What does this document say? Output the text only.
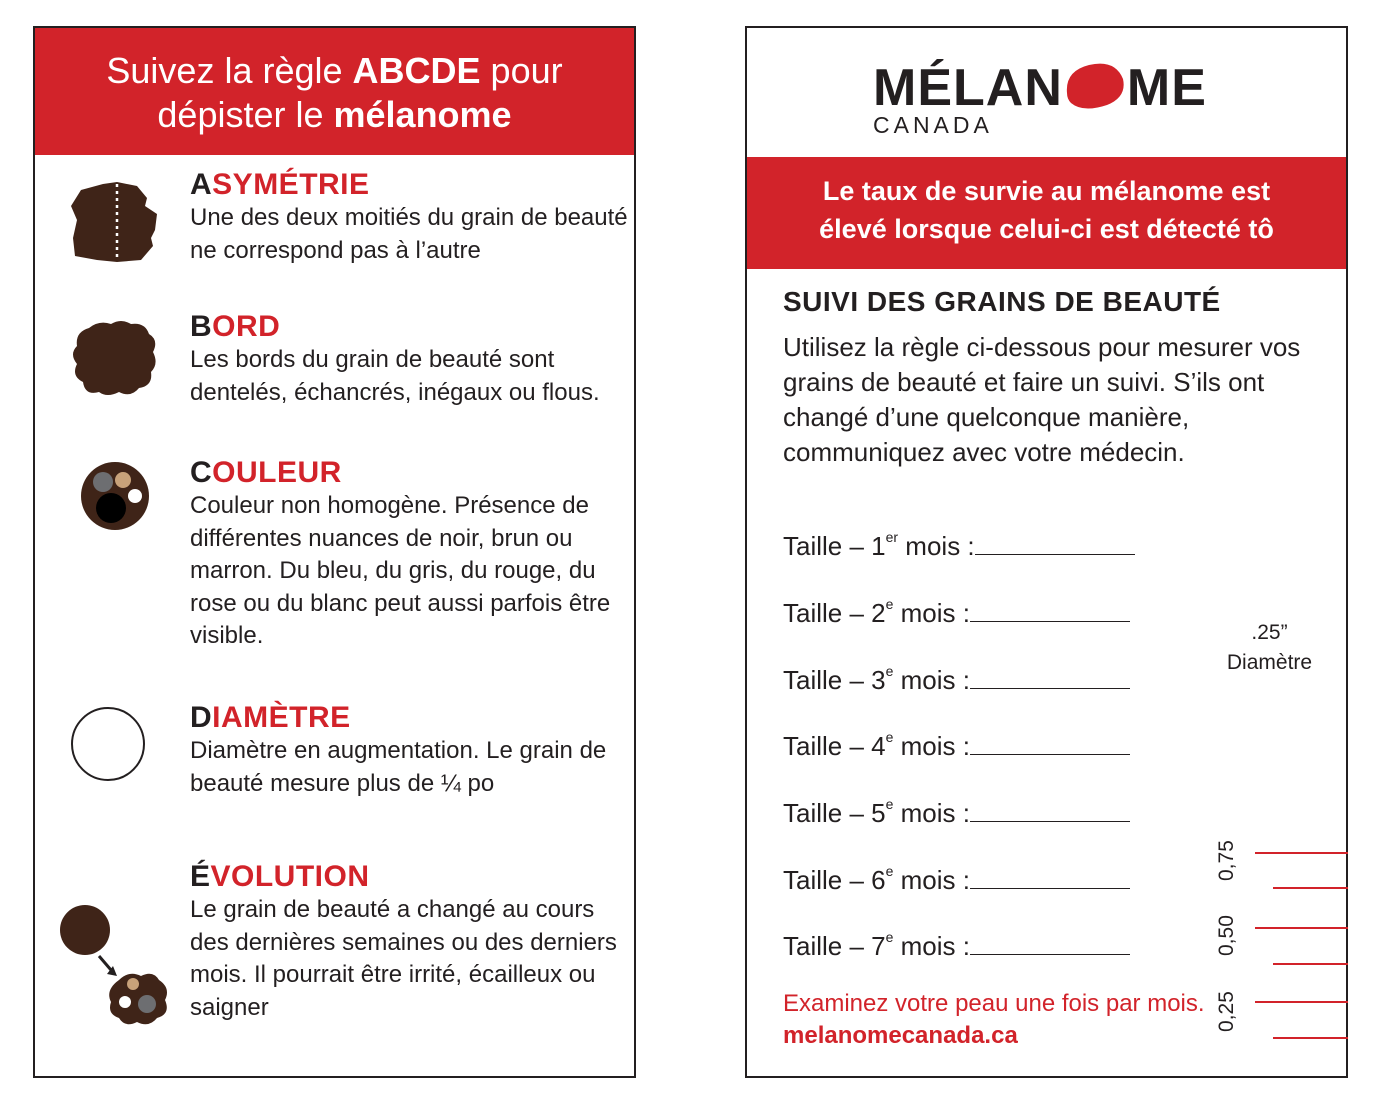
Suivez la règle ABCDE pour
dépister le mélanome
ASYMÉTRIE
Une des deux moitiés du grain de beauté ne correspond pas à l’autre
BORD
Les bords du grain de beauté sont dentelés, échancrés, inégaux ou flous.
COULEUR
Couleur non homogène. Présence de différentes nuances de noir, brun ou marron. Du bleu, du gris, du rouge, du rose ou du blanc peut aussi parfois être visible.
DIAMÈTRE
Diamètre en augmentation. Le grain de beauté mesure plus de ¼ po
ÉVOLUTION
Le grain de beauté a changé au cours des dernières semaines ou des derniers mois. Il pourrait être irrité, écailleux ou saigner
MÉLAN ME
CANADA
Le taux de survie au mélanome est
élevé lorsque celui-ci est détecté tô
SUIVI DES GRAINS DE BEAUTÉ
Utilisez la règle ci-dessous pour mesurer vos grains de beauté et faire un suivi. S’ils ont changé d’une quelconque manière, communiquez avec votre médecin.
Taille – 1er mois :
Taille – 2e mois :
Taille – 3e mois :
Taille – 4e mois :
Taille – 5e mois :
Taille – 6e mois :
Taille – 7e mois :
.25”
Diamètre
0,75
0,50
0,25
Examinez votre peau une fois par mois. melanomecanada.ca
